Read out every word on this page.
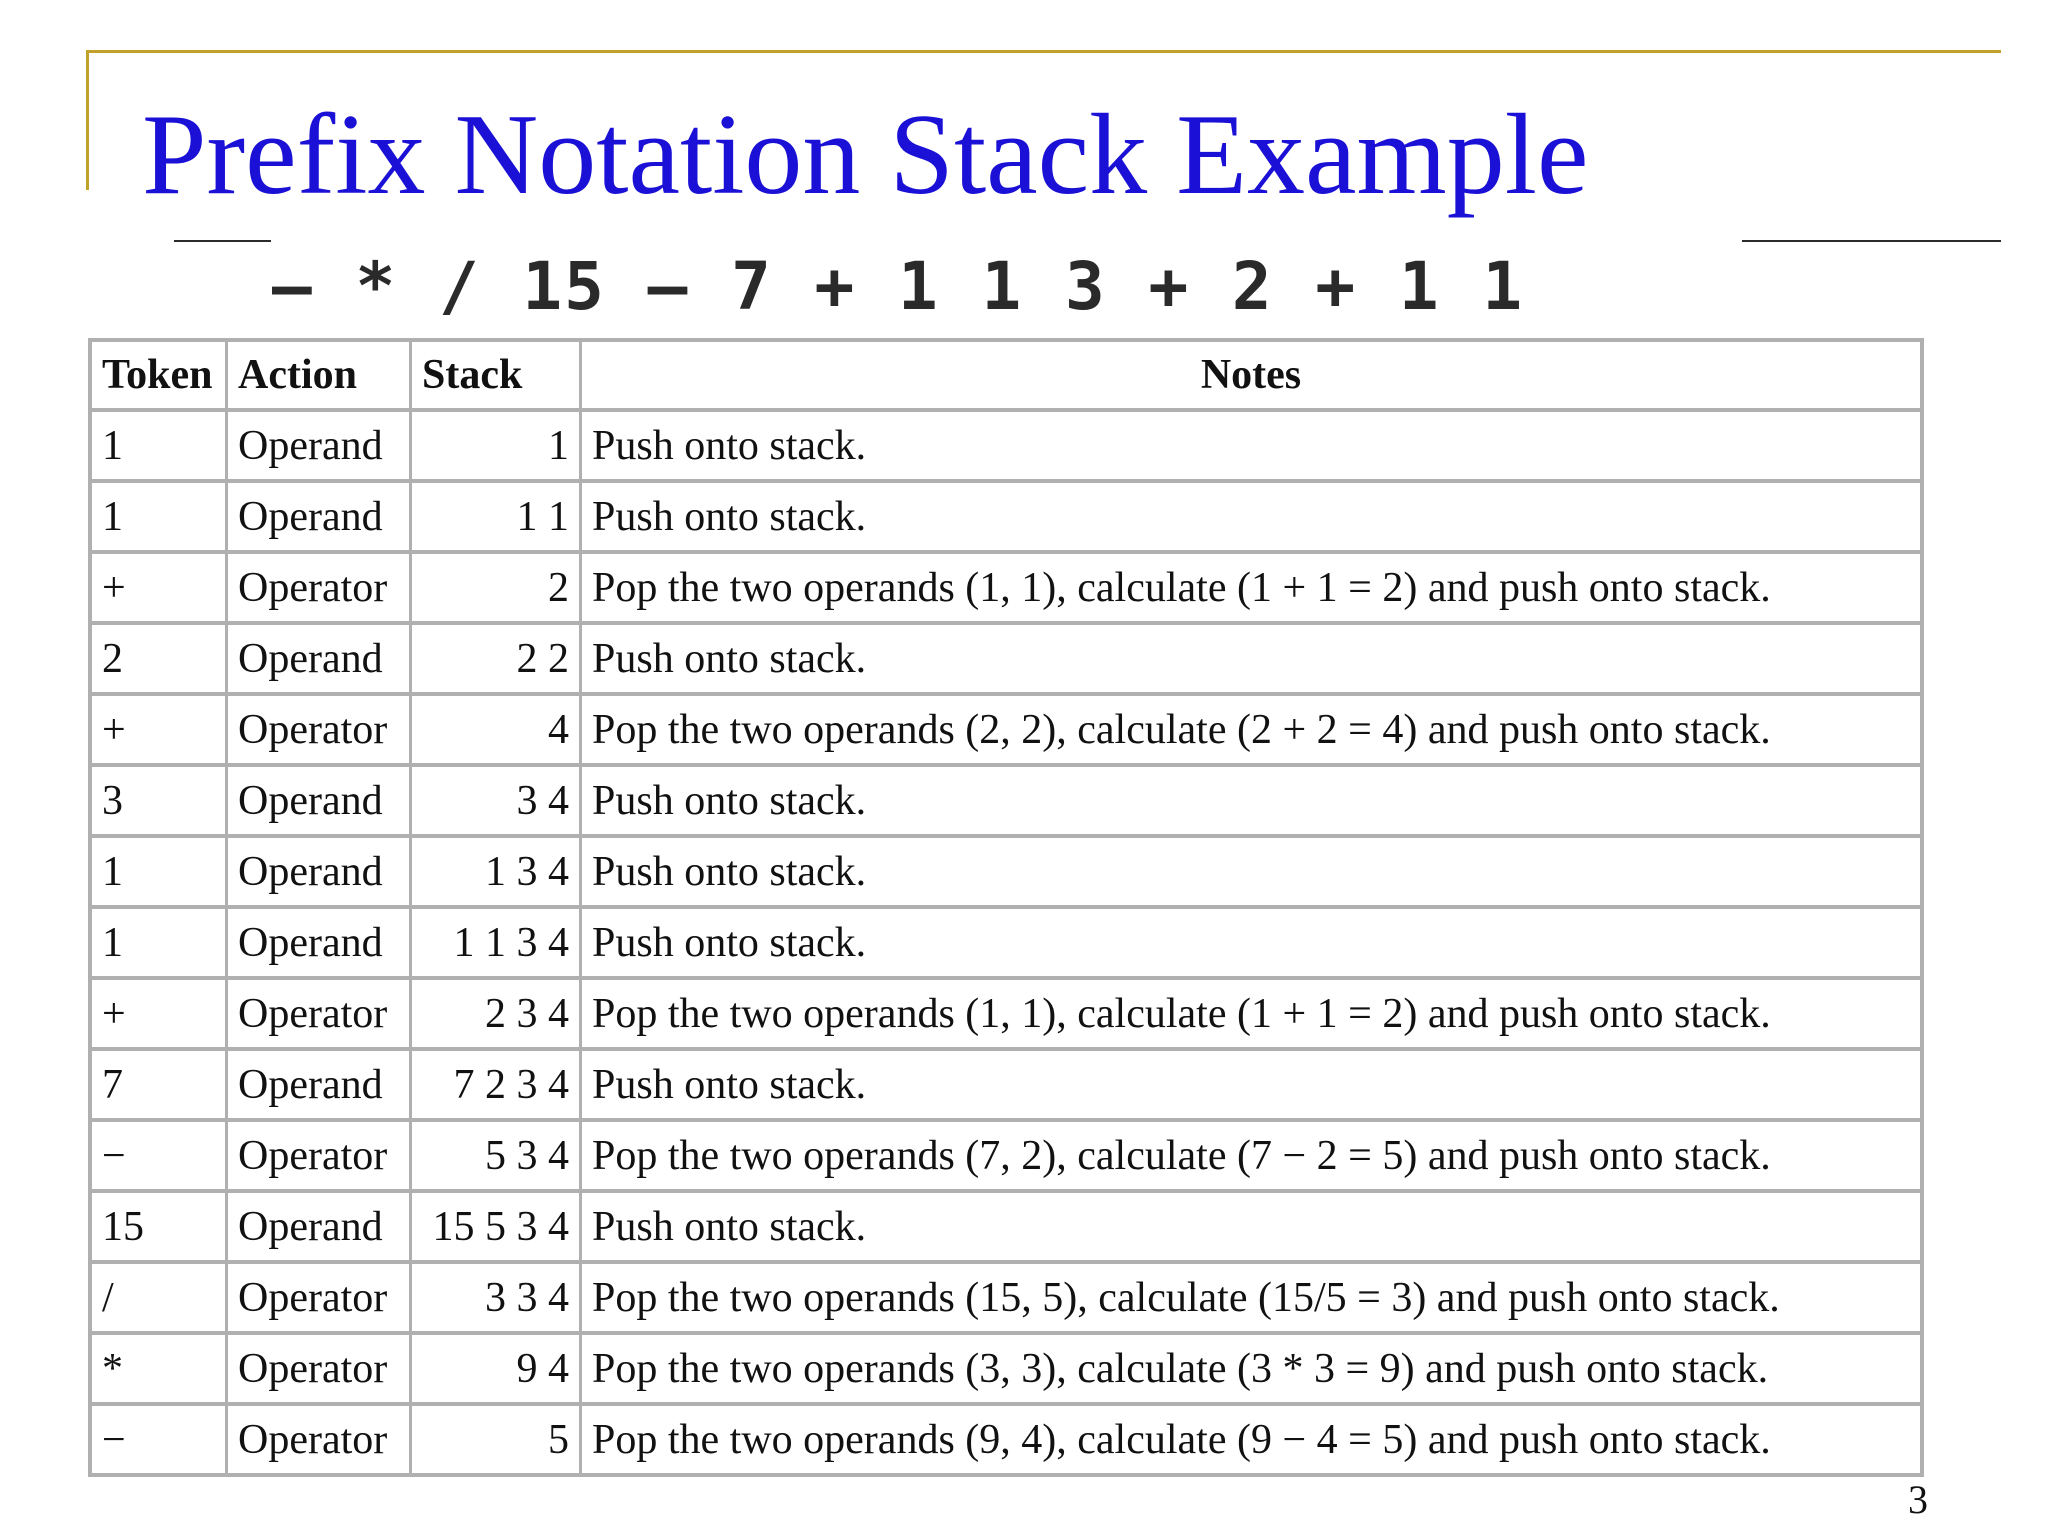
Prefix Notation Stack Example
– * / 15 – 7 + 1 1 3 + 2 + 1 1
Token	Action	Stack	Notes
1	Operand	1	Push onto stack.
1	Operand	1 1	Push onto stack.
+	Operator	2	Pop the two operands (1, 1), calculate (1 + 1 = 2) and push onto stack.
2	Operand	2 2	Push onto stack.
+	Operator	4	Pop the two operands (2, 2), calculate (2 + 2 = 4) and push onto stack.
3	Operand	3 4	Push onto stack.
1	Operand	1 3 4	Push onto stack.
1	Operand	1 1 3 4	Push onto stack.
+	Operator	2 3 4	Pop the two operands (1, 1), calculate (1 + 1 = 2) and push onto stack.
7	Operand	7 2 3 4	Push onto stack.
−	Operator	5 3 4	Pop the two operands (7, 2), calculate (7 − 2 = 5) and push onto stack.
15	Operand	15 5 3 4	Push onto stack.
/	Operator	3 3 4	Pop the two operands (15, 5), calculate (15/5 = 3) and push onto stack.
*	Operator	9 4	Pop the two operands (3, 3), calculate (3 * 3 = 9) and push onto stack.
−	Operator	5	Pop the two operands (9, 4), calculate (9 − 4 = 5) and push onto stack.
3
